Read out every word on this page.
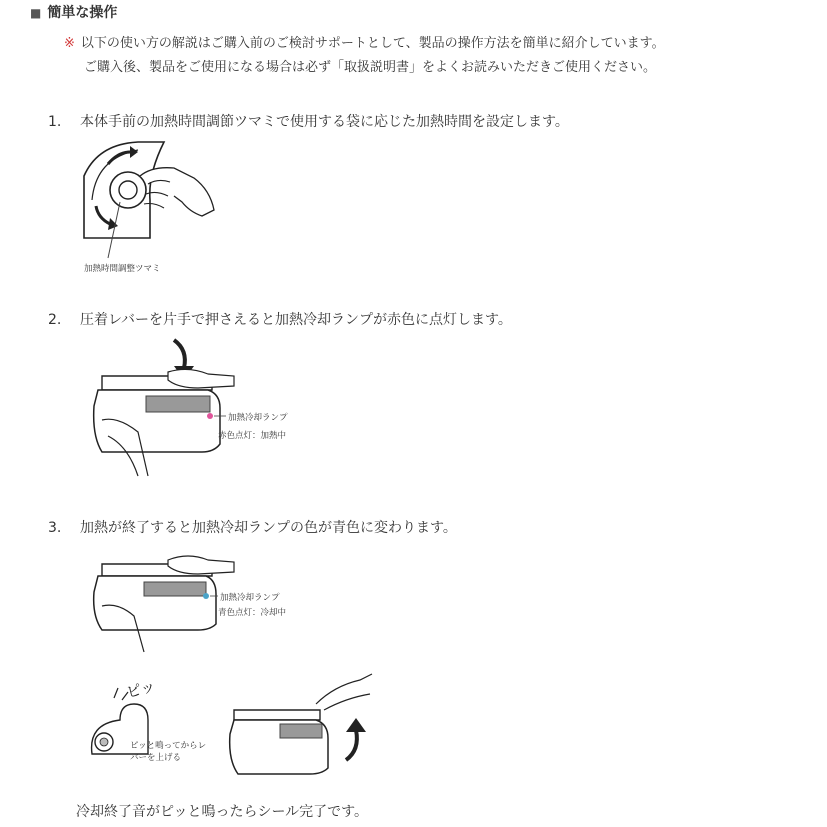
■ 簡単な操作
※ 以下の使い方の解説はご購入前のご検討サポートとして、製品の操作方法を簡単に紹介しています。
ご購入後、製品をご使用になる場合は必ず「取扱説明書」をよくお読みいただきご使用ください。
1. 本体手前の加熱時間調節ツマミで使用する袋に応じた加熱時間を設定します。
加熱時間調整ツマミ
2. 圧着レバーを片手で押さえると加熱冷却ランプが赤色に点灯します。
加熱冷却ランプ
赤色点灯：加熱中
3. 加熱が終了すると加熱冷却ランプの色が青色に変わります。
加熱冷却ランプ
青色点灯：冷却中
ピッ
ピッと鳴ってからレ
バーを上げる
冷却終了音がピッと鳴ったらシール完了です。
